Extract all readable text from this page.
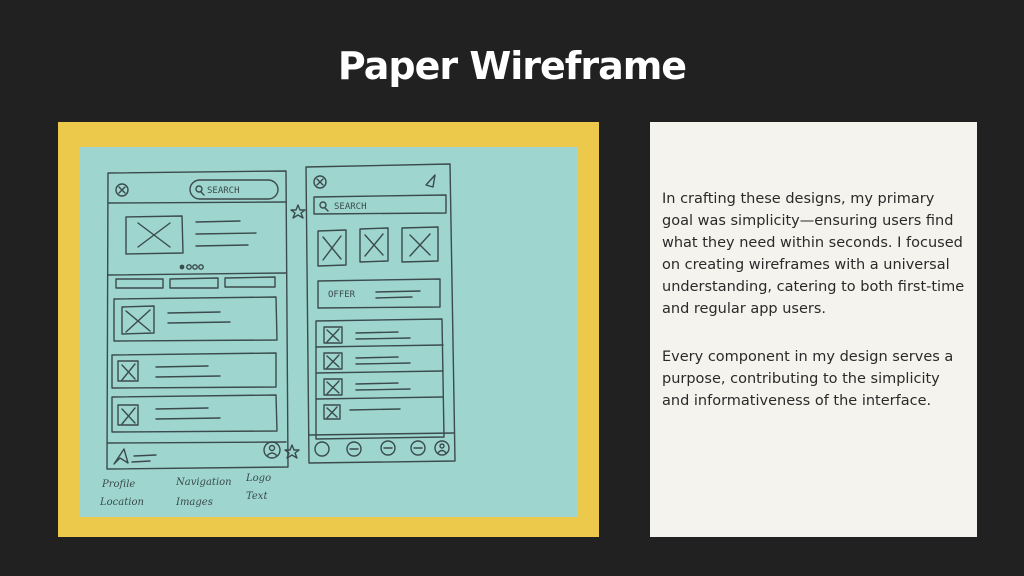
Paper Wireframe
SEARCH
SEARCH
OFFER
Profile
Location
Navigation
Images
Logo
Text

In crafting these designs, my primary goal was simplicity—ensuring users find what they need within seconds. I focused on creating wireframes with a universal understanding, catering to both first-time and regular app users.

Every component in my design serves a purpose, contributing to the simplicity and informativeness of the interface.
